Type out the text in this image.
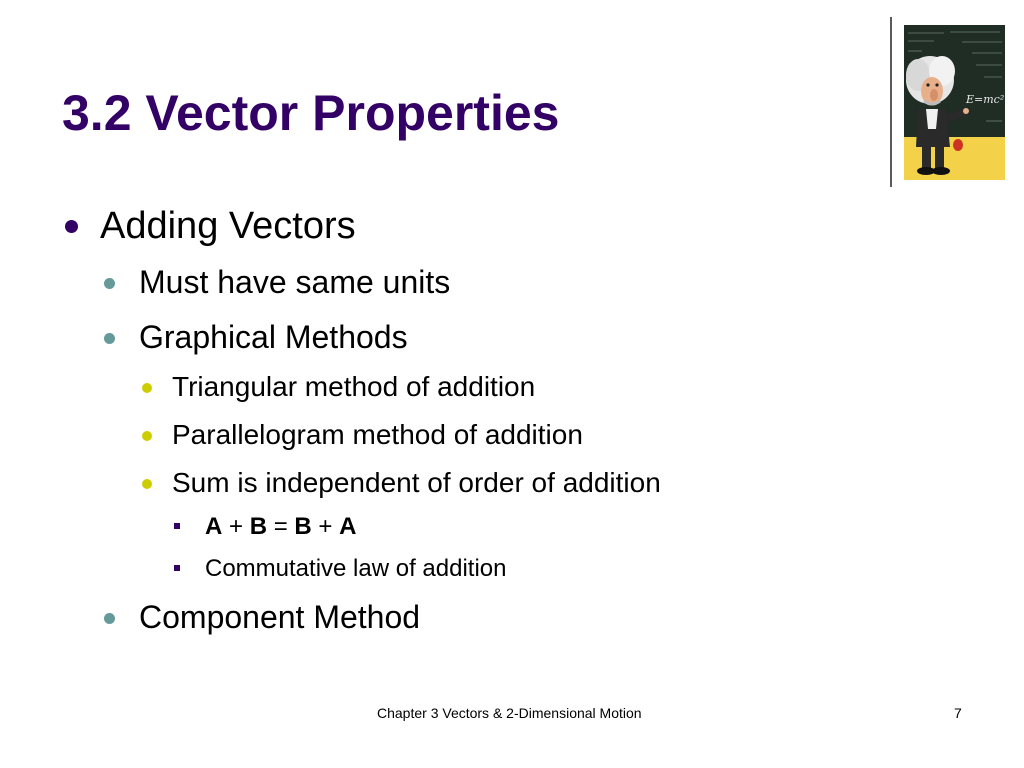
3.2 Vector Properties	E=mc²
Adding Vectors
Must have same units
Graphical Methods
Triangular method of addition
Parallelogram method of addition
Sum is independent of order of addition
A + B = B + A
Commutative law of addition
Component Method
Chapter 3 Vectors & 2-Dimensional Motion	7
